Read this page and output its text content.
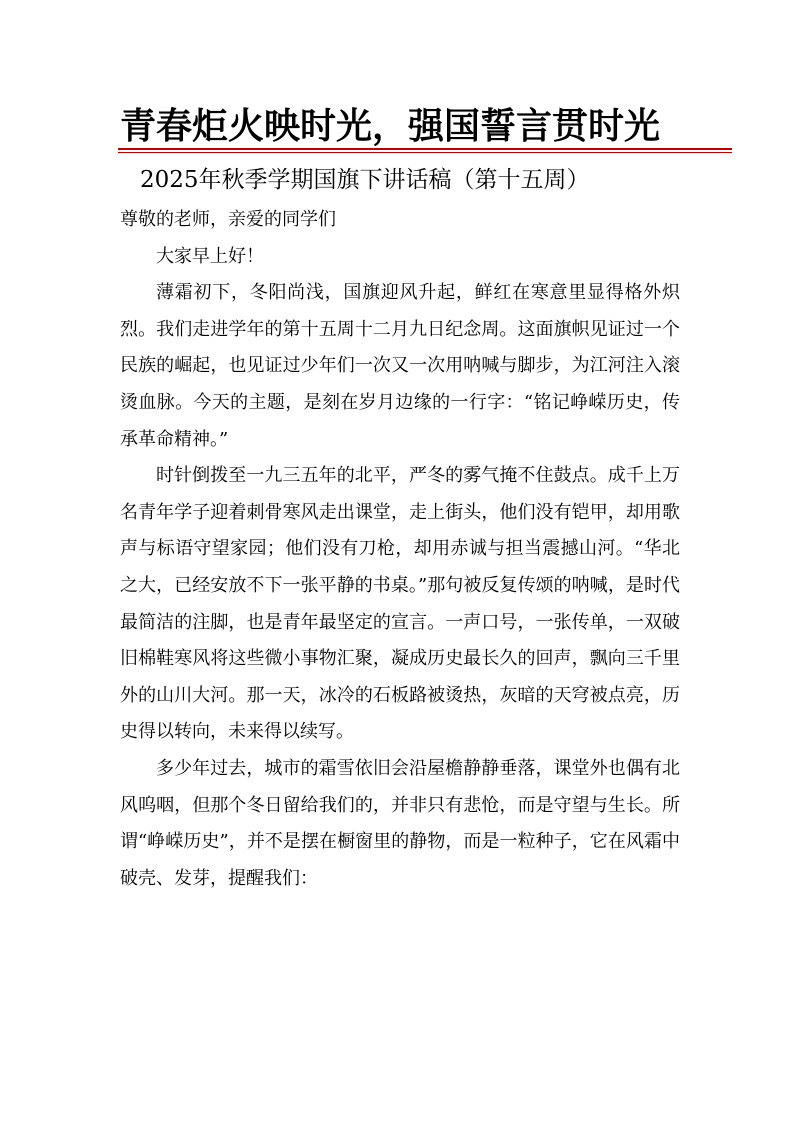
青春炬火映时光，强国誓言贯时光
2025年秋季学期国旗下讲话稿（第十五周）

尊敬的老师，亲爱的同学们

大家早上好！

薄霜初下，冬阳尚浅，国旗迎风升起，鲜红在寒意里显得格外炽烈。我们走进学年的第十五周十二月九日纪念周。这面旗帜见证过一个民族的崛起，也见证过少年们一次又一次用呐喊与脚步，为江河注入滚烫血脉。今天的主题，是刻在岁月边缘的一行字：“铭记峥嵘历史，传承革命精神。”

时针倒拨至一九三五年的北平，严冬的雾气掩不住鼓点。成千上万名青年学子迎着刺骨寒风走出课堂，走上街头，他们没有铠甲，却用歌声与标语守望家园；他们没有刀枪，却用赤诚与担当震撼山河。“华北之大，已经安放不下一张平静的书桌。”那句被反复传颂的呐喊，是时代最简洁的注脚，也是青年最坚定的宣言。一声口号，一张传单，一双破旧棉鞋寒风将这些微小事物汇聚，凝成历史最长久的回声，飘向三千里外的山川大河。那一天，冰冷的石板路被烫热，灰暗的天穹被点亮，历史得以转向，未来得以续写。

多少年过去，城市的霜雪依旧会沿屋檐静静垂落，课堂外也偶有北风呜咽，但那个冬日留给我们的，并非只有悲怆，而是守望与生长。所谓“峥嵘历史”，并不是摆在橱窗里的静物，而是一粒种子，它在风霜中破壳、发芽，提醒我们：
